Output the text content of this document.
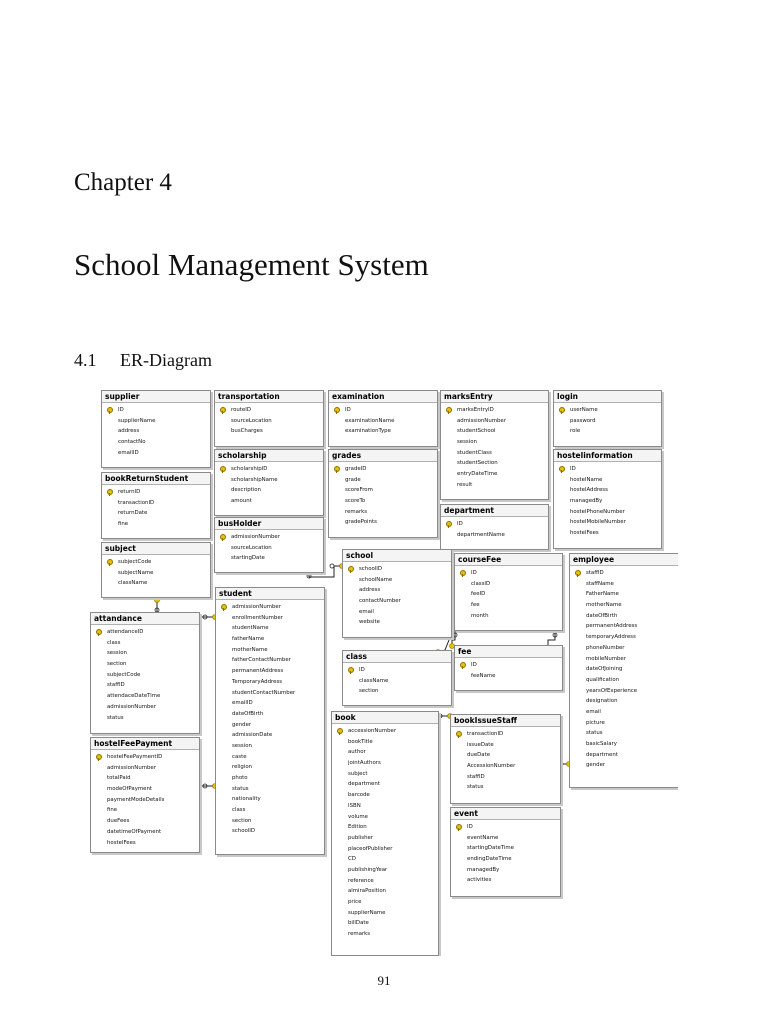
Chapter 4
School Management System
4.1 ER-Diagram
supplier
ID
supplierName
address
contactNo
emailID
transportation
routeID
sourceLocation
busCharges
examination
ID
examinationName
examinationType
marksEntry
marksEntryID
admissionNumber
studentSchool
session
studentClass
studentSection
entryDateTime
result
login
userName
password
role
hostelinformation
ID
hostelName
hostelAddress
managedBy
hostelPhoneNumber
hostelMobileNumber
hostelFees
scholarship
scholarshipID
scholarshipName
description
amount
grades
gradeID
grade
scoreFrom
scoreTo
remarks
gradePoints
department
ID
departmentName
bookReturnStudent
returnID
transactionID
returnDate
fine	busHolder
admissionNumber
sourceLocation
startingDate
subject
subjectCode
subjectName
className
school
schoolID
schoolName
address
contactNumber
email
website
courseFee
ID
classID
feeID
fee
month
employee
staffID
staffName
FatherName
motherName
dateOfBirth
permanentAddress
temporaryAddress
phoneNumber
mobileNumber
dateOfJoining
qualification
yearsOfExperience
designation
email
picture
status
basicSalary
department
gender
student
admissionNumber
enrollmentNumber
studentName
fatherName
motherName
fatherContactNumber
permanentAddress
TemporaryAddress
studentContactNumber
emailID
dateOfBirth
gender
admissionDate
session
caste
religion
photo
status
nationality
class
section
schoolID
attandance
attendanceID
class
session
section
subjectCode
staffID
attendaceDateTime
admissionNumber
status
fee
ID
feeName
class
ID
className
section
hostelFeePayment
hostelFeePaymentID
admissionNumber
totalPaid
modeOfPayment
paymentModeDetails
fine
dueFees
datetimeOfPayment
hostelFees
book
accessionNumber
bookTitle
author
jointAuthors
subject
department
barcode
ISBN
volume
Edition
publisher
placeofPublisher
CD
publishingYear
reference
almiraPosition
price
supplierName
billDate
remarks
bookIssueStaff
transactionID
issueDate
dueDate
AccessionNumber
staffID
status
event
ID
eventName
startingDateTime
endingDateTime
managedBy
activities
91
